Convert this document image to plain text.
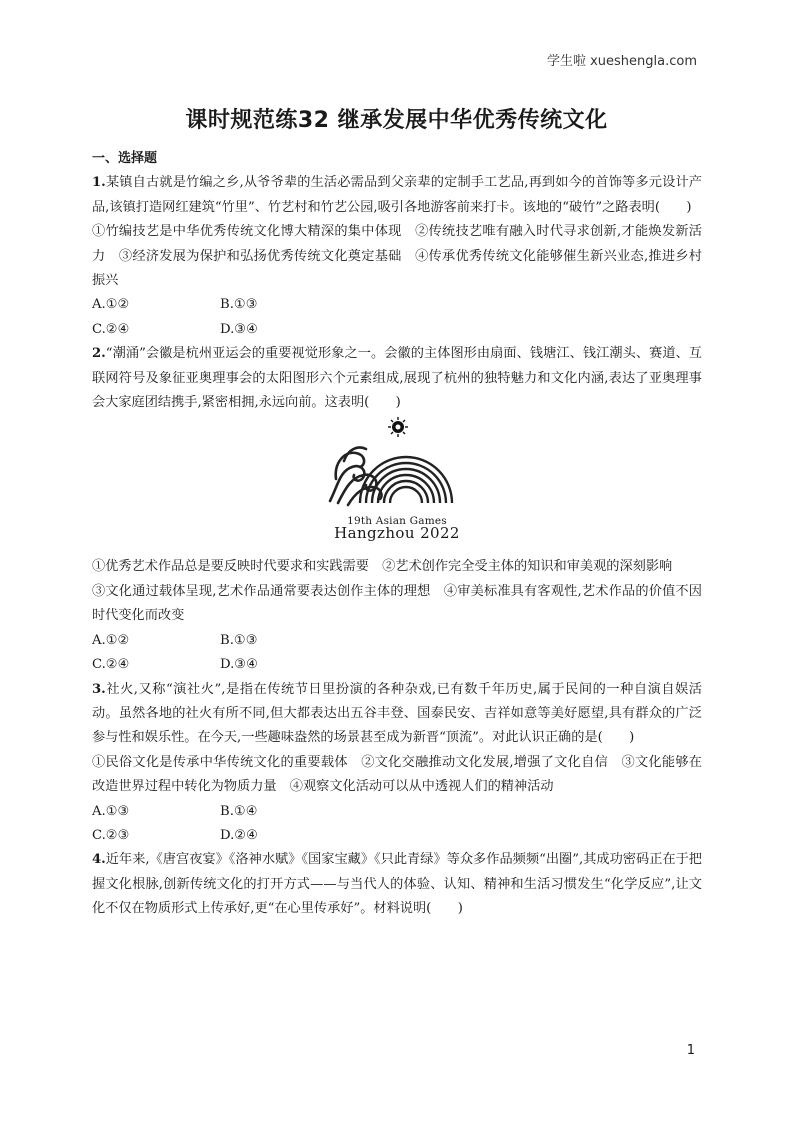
学生啦 xueshengla.com
课时规范练32 继承发展中华优秀传统文化
一、选择题

1.某镇自古就是竹编之乡,从爷爷辈的生活必需品到父亲辈的定制手工艺品,再到如今的首饰等多元设计产品,该镇打造网红建筑“竹里”、竹艺村和竹艺公园,吸引各地游客前来打卡。该地的“破竹”之路表明(　　)

①竹编技艺是中华优秀传统文化博大精深的集中体现　②传统技艺唯有融入时代寻求创新,才能焕发新活力　③经济发展为保护和弘扬优秀传统文化奠定基础　④传承优秀传统文化能够催生新兴业态,推进乡村振兴

A.①②	B.①③
C.②④	D.③④

2.“潮涌”会徽是杭州亚运会的重要视觉形象之一。会徽的主体图形由扇面、钱塘江、钱江潮头、赛道、互联网符号及象征亚奥理事会的太阳图形六个元素组成,展现了杭州的独特魅力和文化内涵,表达了亚奥理事会大家庭团结携手,紧密相拥,永远向前。这表明(　　)

19th Asian Games
Hangzhou 2022

①优秀艺术作品总是要反映时代要求和实践需要　②艺术创作完全受主体的知识和审美观的深刻影响

③文化通过载体呈现,艺术作品通常要表达创作主体的理想　④审美标准具有客观性,艺术作品的价值不因时代变化而改变

A.①②	B.①③
C.②④	D.③④

3.社火,又称“演社火”,是指在传统节日里扮演的各种杂戏,已有数千年历史,属于民间的一种自演自娱活动。虽然各地的社火有所不同,但大都表达出五谷丰登、国泰民安、吉祥如意等美好愿望,具有群众的广泛参与性和娱乐性。在今天,一些趣味盎然的场景甚至成为新晋“顶流”。对此认识正确的是(　　)

①民俗文化是传承中华传统文化的重要载体　②文化交融推动文化发展,增强了文化自信　③文化能够在改造世界过程中转化为物质力量　④观察文化活动可以从中透视人们的精神活动

A.①③	B.①④
C.②③	D.②④

4.近年来,《唐宫夜宴》《洛神水赋》《国家宝藏》《只此青绿》等众多作品频频“出圈”,其成功密码正在于把握文化根脉,创新传统文化的打开方式——与当代人的体验、认知、精神和生活习惯发生“化学反应”,让文化不仅在物质形式上传承好,更“在心里传承好”。材料说明(　　)

1
